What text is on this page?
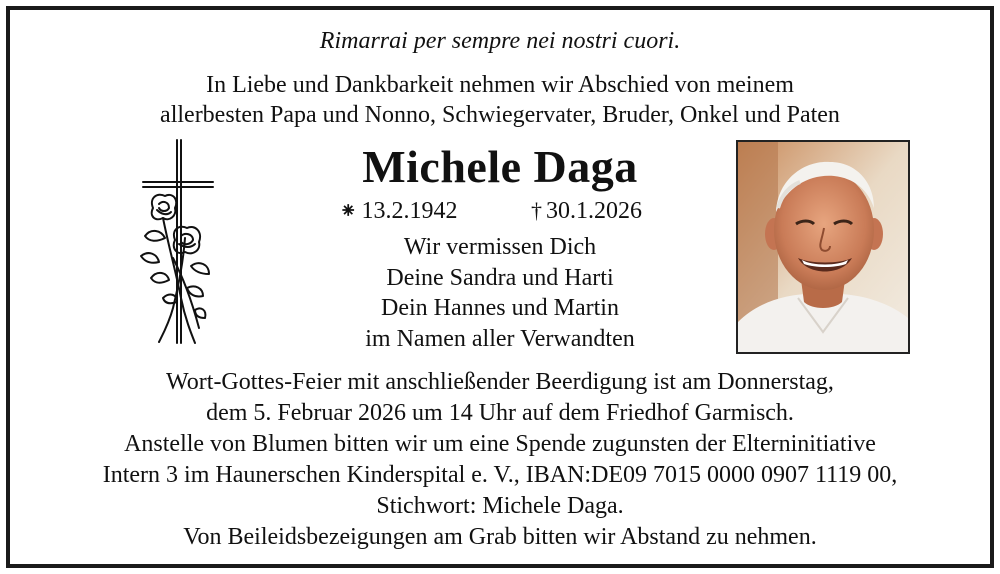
Rimarrai per sempre nei nostri cuori.
In Liebe und Dankbarkeit nehmen wir Abschied von meinem
allerbesten Papa und Nonno, Schwiegervater, Bruder, Onkel und Paten
Michele Daga
⁕ 13.2.1942	† 30.1.2026
Wir vermissen Dich
Deine Sandra und Harti
Dein Hannes und Martin
im Namen aller Verwandten
Wort-Gottes-Feier mit anschließender Beerdigung ist am Donnerstag,
dem 5. Februar 2026 um 14 Uhr auf dem Friedhof Garmisch.
Anstelle von Blumen bitten wir um eine Spende zugunsten der Elterninitiative
Intern 3 im Haunerschen Kinderspital e. V., IBAN:DE09 7015 0000 0907 1119 00,
Stichwort: Michele Daga.
Von Beileidsbezeigungen am Grab bitten wir Abstand zu nehmen.
